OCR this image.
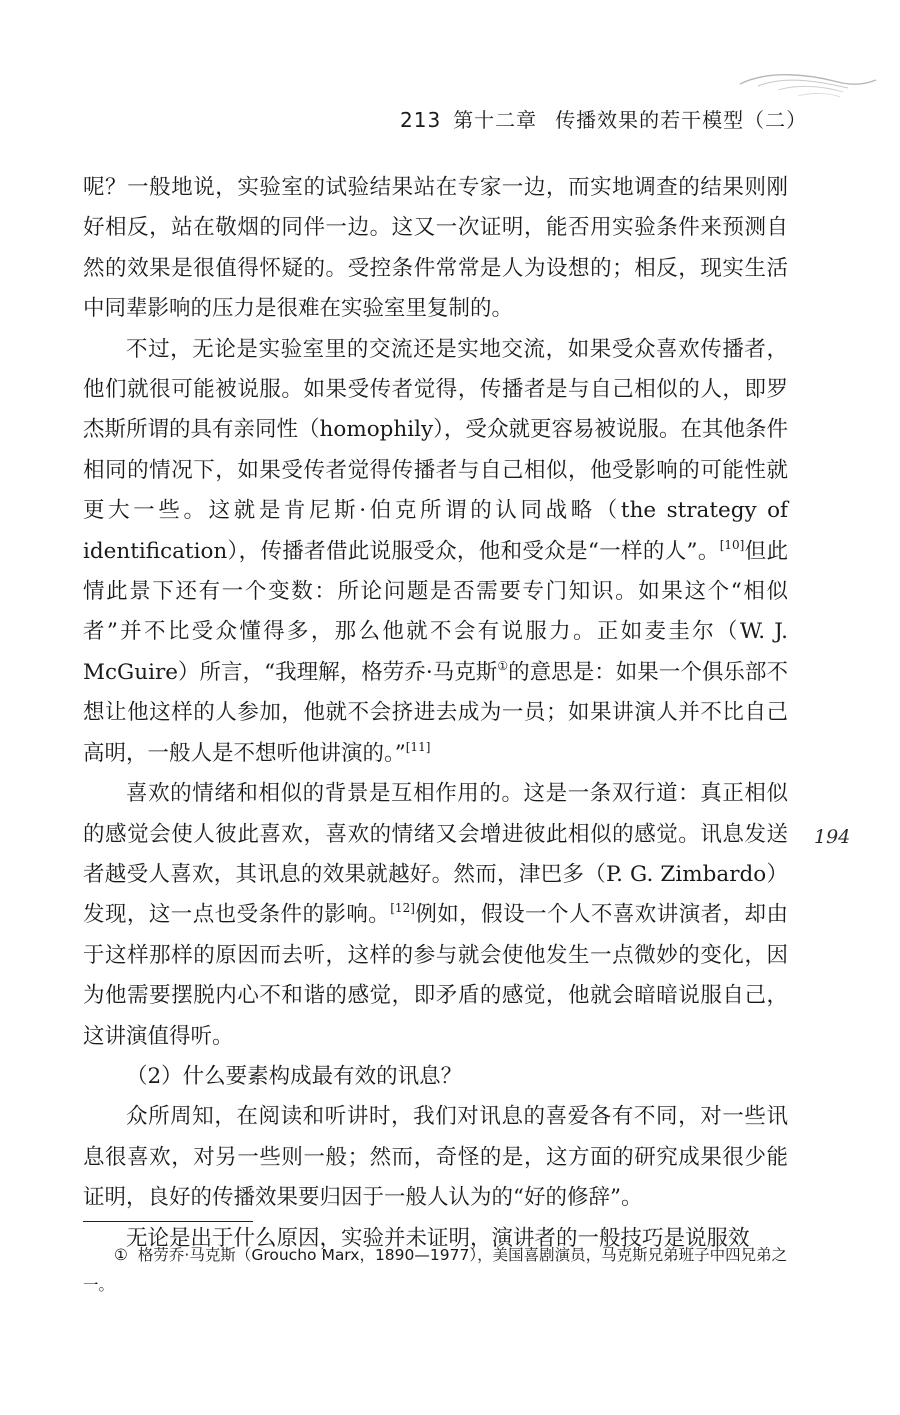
213 第十二章 传播效果的若干模型（二）

呢？一般地说，实验室的试验结果站在专家一边，而实地调查的结果则刚好相反，站在敬烟的同伴一边。这又一次证明，能否用实验条件来预测自然的效果是很值得怀疑的。受控条件常常是人为设想的；相反，现实生活中同辈影响的压力是很难在实验室里复制的。

不过，无论是实验室里的交流还是实地交流，如果受众喜欢传播者，他们就很可能被说服。如果受传者觉得，传播者是与自己相似的人，即罗杰斯所谓的具有亲同性（homophily），受众就更容易被说服。在其他条件相同的情况下，如果受传者觉得传播者与自己相似，他受影响的可能性就更大一些。这就是肯尼斯·伯克所谓的认同战略（the strategy of identification），传播者借此说服受众，他和受众是“一样的人”。[10]但此情此景下还有一个变数：所论问题是否需要专门知识。如果这个“相似者”并不比受众懂得多，那么他就不会有说服力。正如麦圭尔（W. J. McGuire）所言，“我理解，格劳乔·马克斯①的意思是：如果一个俱乐部不想让他这样的人参加，他就不会挤进去成为一员；如果讲演人并不比自己高明，一般人是不想听他讲演的。”[11]

喜欢的情绪和相似的背景是互相作用的。这是一条双行道：真正相似的感觉会使人彼此喜欢，喜欢的情绪又会增进彼此相似的感觉。讯息发送者越受人喜欢，其讯息的效果就越好。然而，津巴多（P. G. Zimbardo）发现，这一点也受条件的影响。[12]例如，假设一个人不喜欢讲演者，却由于这样那样的原因而去听，这样的参与就会使他发生一点微妙的变化，因为他需要摆脱内心不和谐的感觉，即矛盾的感觉，他就会暗暗说服自己，这讲演值得听。

（2）什么要素构成最有效的讯息？

众所周知，在阅读和听讲时，我们对讯息的喜爱各有不同，对一些讯息很喜欢，对另一些则一般；然而，奇怪的是，这方面的研究成果很少能证明，良好的传播效果要归因于一般人认为的“好的修辞”。

无论是出于什么原因，实验并未证明，演讲者的一般技巧是说服效

194
① 格劳乔·马克斯（Groucho Marx，1890—1977），美国喜剧演员，马克斯兄弟班子中四兄弟之一。
